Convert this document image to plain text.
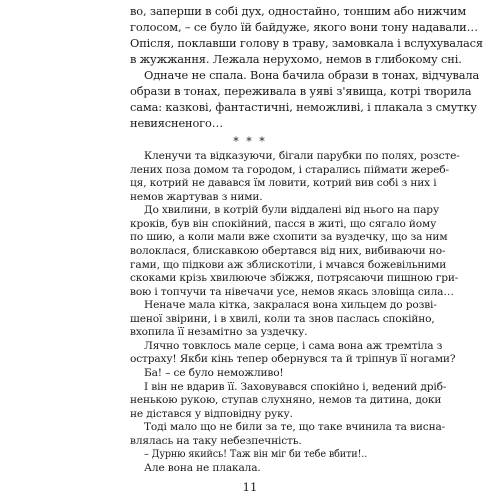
во, заперши в собі дух, одностайно, тоншим або нижчим
голосом, – се було їй байдуже, якого вони тону надавали…
Опісля, поклавши голову в траву, замовкала і вслухувалася
в жужжання. Лежала нерухомо, немов в глибокому сні.
Одначе не спала. Вона бачила образи в тонах, відчувала
образи в тонах, переживала в уяві з'явища, котрі творила
сама: казкові, фантастичні, неможливі, і плакала з смутку
невиясненого…
* * *
Кленучи та відказуючи, бігали парубки по полях, розсте-
лених поза домом та городом, і старались піймати жереб-
ця, котрий не давався їм ловити, котрий вив собі з них і
немов жартував з ними.
До хвилини, в котрій були віддалені від нього на пару
кроків, був він спокійний, пасся в житі, що сягало йому
по шию, а коли мали вже схопити за вуздечку, що за ним
волоклася, блискавкою обертався від них, вибиваючи но-
гами, що підкови аж зблискотіли, і мчався божевільними
скоками крізь хвилююче збіжжя, потрясаючи пишною гри-
вою і топчучи та нівечачи усе, немов якась зловіща сила…
Неначе мала кітка, закралася вона хильцем до розві-
шеної звірини, і в хвилі, коли та знов паслась спокійно,
вхопила її незамітно за уздечку.
Лячно товклось мале серце, і сама вона аж тремтіла з
остраху! Якби кінь тепер обернувся та й тріпнув її ногами?
Ба! – се було неможливо!
І він не вдарив її. Заховувався спокійно і, ведений дріб-
ненькою рукою, ступав слухняно, немов та дитина, доки
не дістався у відповідну руку.
Тоді мало що не били за те, що таке вчинила та висна-
влялась на таку небезпечність.
– Дурню якийсь! Таж він міг би тебе вбити!..
Але вона не плакала.
11
